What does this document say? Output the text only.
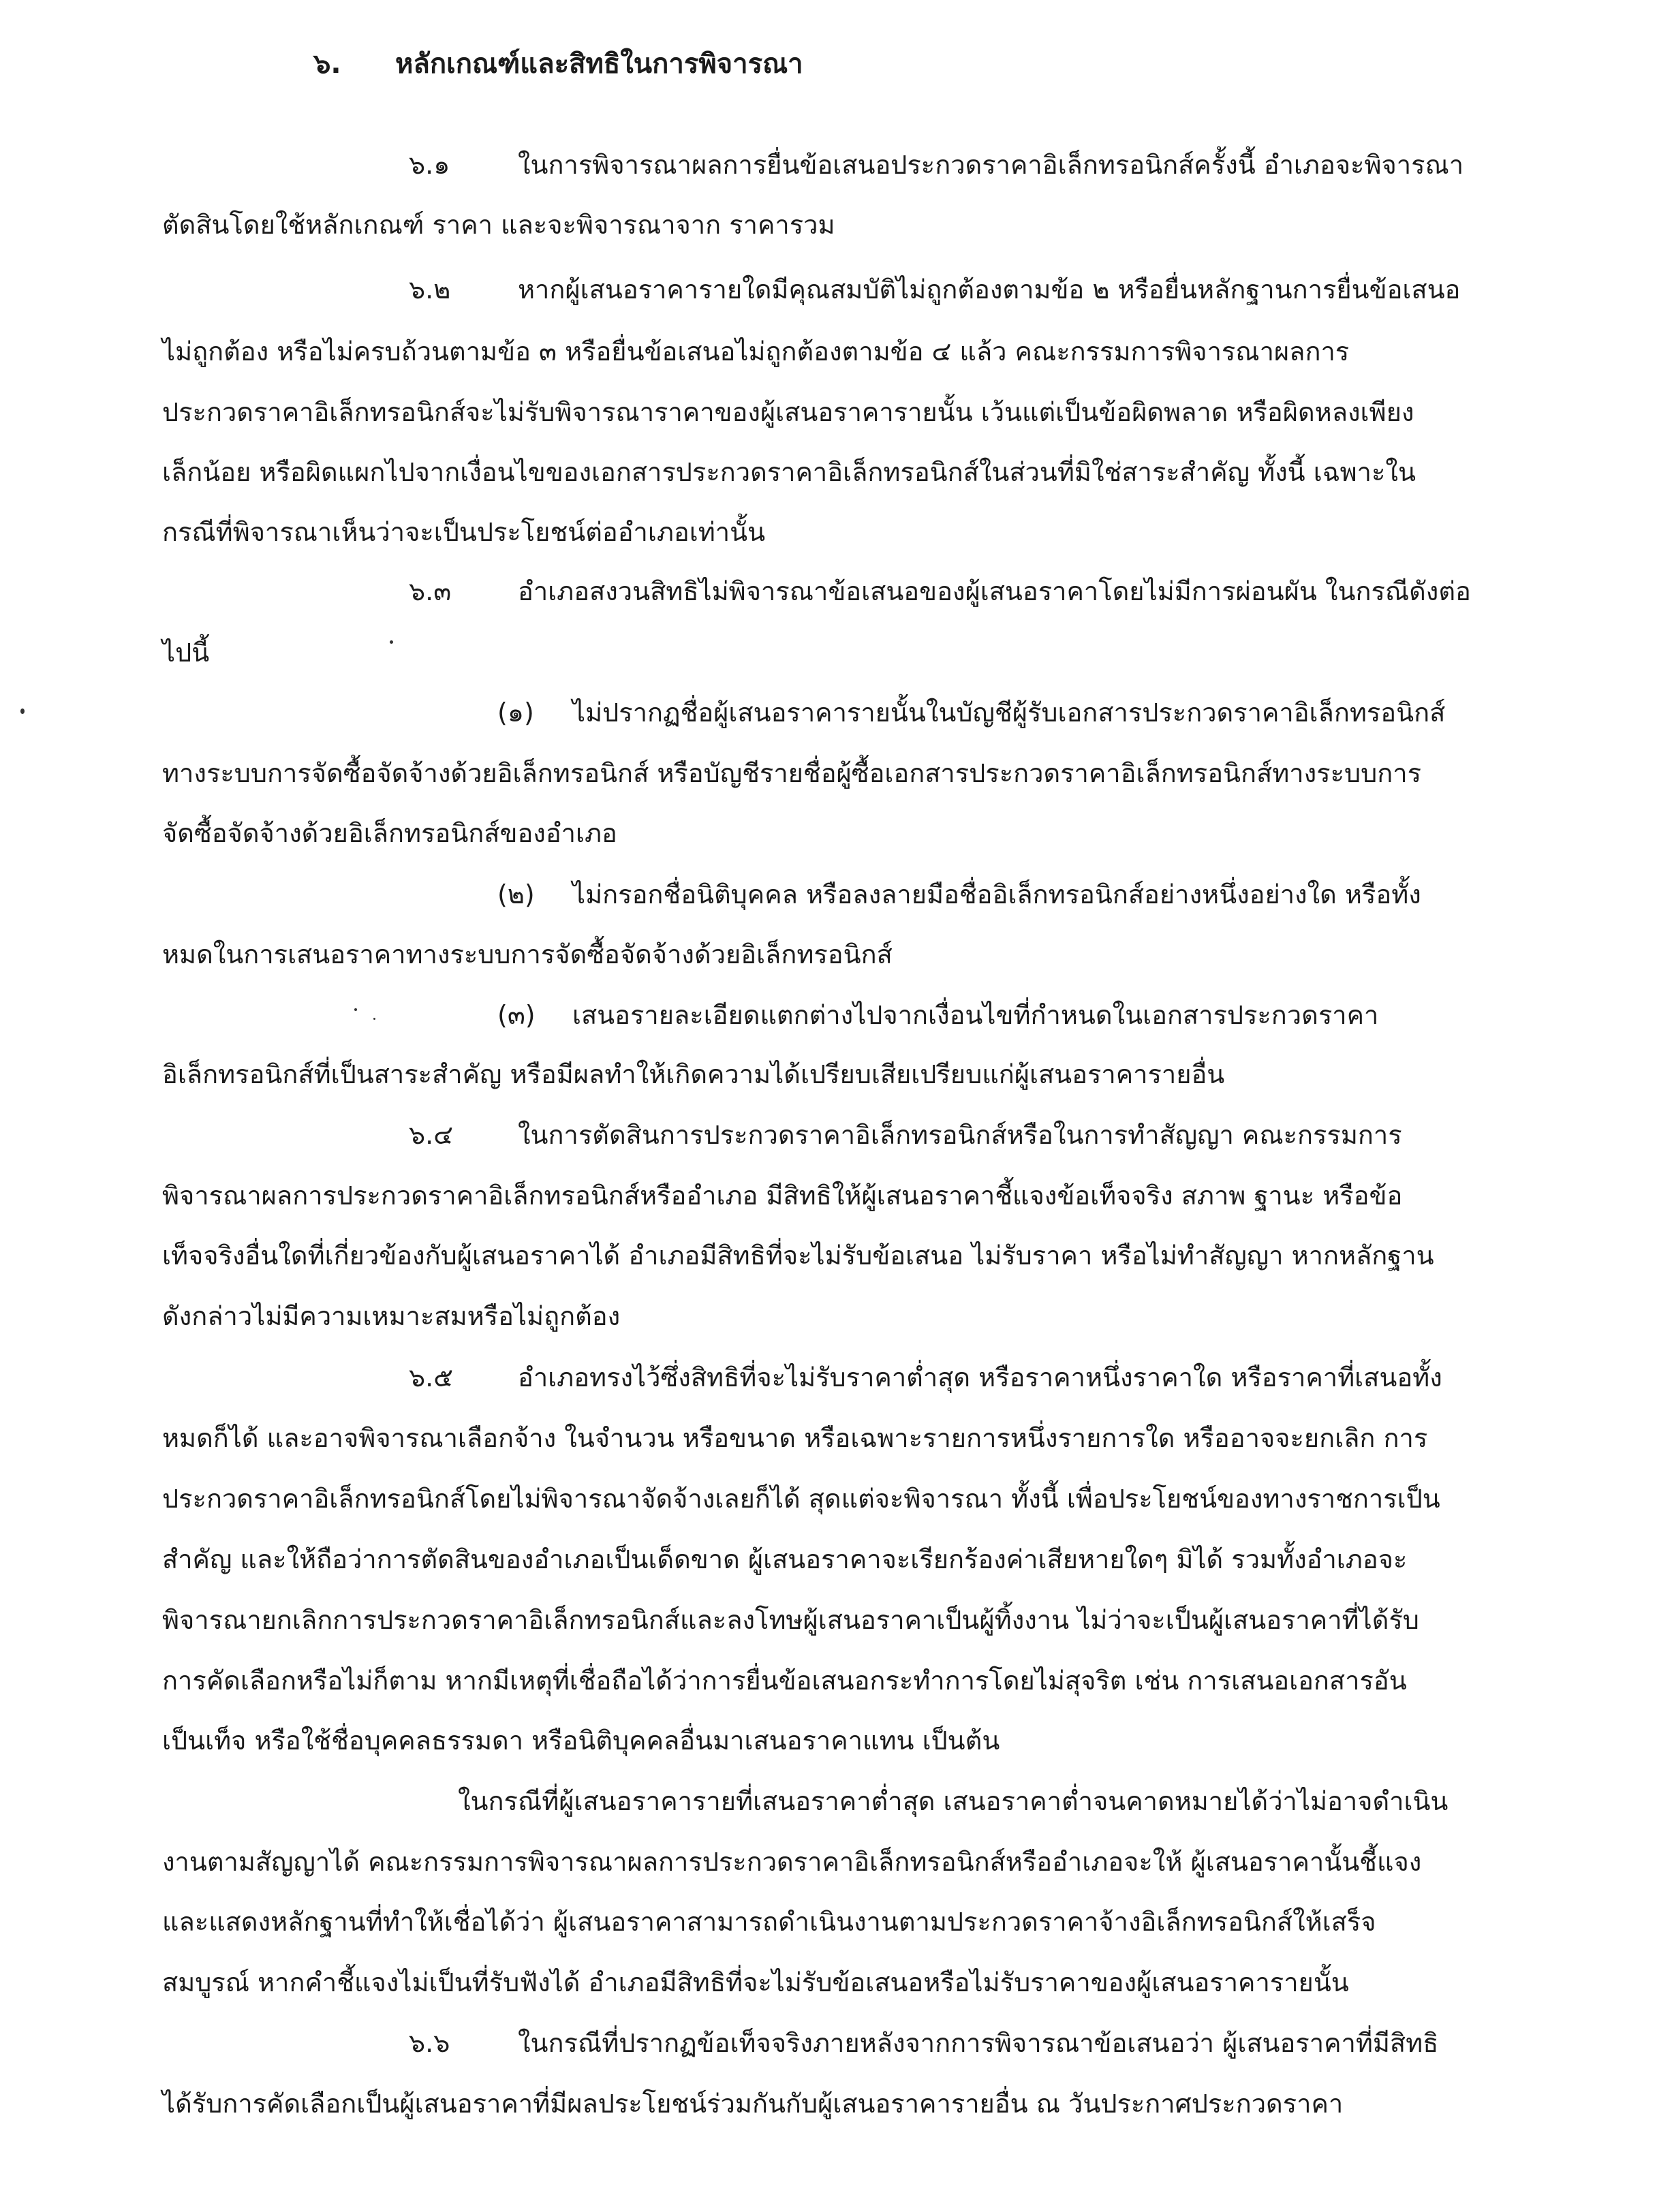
๖. หลักเกณฑ์และสิทธิในการพิจารณา
๖.๑	ในการพิจารณาผลการยื่นข้อเสนอประกวดราคาอิเล็กทรอนิกส์ครั้งนี้ อำเภอจะพิจารณา
ตัดสินโดยใช้หลักเกณฑ์ ราคา และจะพิจารณาจาก ราคารวม
๖.๒	หากผู้เสนอราคารายใดมีคุณสมบัติไม่ถูกต้องตามข้อ ๒ หรือยื่นหลักฐานการยื่นข้อเสนอ
ไม่ถูกต้อง หรือไม่ครบถ้วนตามข้อ ๓ หรือยื่นข้อเสนอไม่ถูกต้องตามข้อ ๔ แล้ว คณะกรรมการพิจารณาผลการ
ประกวดราคาอิเล็กทรอนิกส์จะไม่รับพิจารณาราคาของผู้เสนอราคารายนั้น เว้นแต่เป็นข้อผิดพลาด หรือผิดหลงเพียง
เล็กน้อย หรือผิดแผกไปจากเงื่อนไขของเอกสารประกวดราคาอิเล็กทรอนิกส์ในส่วนที่มิใช่สาระสำคัญ ทั้งนี้ เฉพาะใน
กรณีที่พิจารณาเห็นว่าจะเป็นประโยชน์ต่ออำเภอเท่านั้น
๖.๓	อำเภอสงวนสิทธิไม่พิจารณาข้อเสนอของผู้เสนอราคาโดยไม่มีการผ่อนผัน ในกรณีดังต่อ
ไปนี้
(๑) ไม่ปรากฏชื่อผู้เสนอราคารายนั้นในบัญชีผู้รับเอกสารประกวดราคาอิเล็กทรอนิกส์
ทางระบบการจัดซื้อจัดจ้างด้วยอิเล็กทรอนิกส์ หรือบัญชีรายชื่อผู้ซื้อเอกสารประกวดราคาอิเล็กทรอนิกส์ทางระบบการ
จัดซื้อจัดจ้างด้วยอิเล็กทรอนิกส์ของอำเภอ
(๒) ไม่กรอกชื่อนิติบุคคล หรือลงลายมือชื่ออิเล็กทรอนิกส์อย่างหนึ่งอย่างใด หรือทั้ง
หมดในการเสนอราคาทางระบบการจัดซื้อจัดจ้างด้วยอิเล็กทรอนิกส์
(๓) เสนอรายละเอียดแตกต่างไปจากเงื่อนไขที่กำหนดในเอกสารประกวดราคา
อิเล็กทรอนิกส์ที่เป็นสาระสำคัญ หรือมีผลทำให้เกิดความได้เปรียบเสียเปรียบแก่ผู้เสนอราคารายอื่น
๖.๔	ในการตัดสินการประกวดราคาอิเล็กทรอนิกส์หรือในการทำสัญญา คณะกรรมการ
พิจารณาผลการประกวดราคาอิเล็กทรอนิกส์หรืออำเภอ มีสิทธิให้ผู้เสนอราคาชี้แจงข้อเท็จจริง สภาพ ฐานะ หรือข้อ
เท็จจริงอื่นใดที่เกี่ยวข้องกับผู้เสนอราคาได้ อำเภอมีสิทธิที่จะไม่รับข้อเสนอ ไม่รับราคา หรือไม่ทำสัญญา หากหลักฐาน
ดังกล่าวไม่มีความเหมาะสมหรือไม่ถูกต้อง
๖.๕	อำเภอทรงไว้ซึ่งสิทธิที่จะไม่รับราคาต่ำสุด หรือราคาหนึ่งราคาใด หรือราคาที่เสนอทั้ง
หมดก็ได้ และอาจพิจารณาเลือกจ้าง ในจำนวน หรือขนาด หรือเฉพาะรายการหนึ่งรายการใด หรืออาจจะยกเลิก การ
ประกวดราคาอิเล็กทรอนิกส์โดยไม่พิจารณาจัดจ้างเลยก็ได้ สุดแต่จะพิจารณา ทั้งนี้ เพื่อประโยชน์ของทางราชการเป็น
สำคัญ และให้ถือว่าการตัดสินของอำเภอเป็นเด็ดขาด ผู้เสนอราคาจะเรียกร้องค่าเสียหายใดๆ มิได้ รวมทั้งอำเภอจะ
พิจารณายกเลิกการประกวดราคาอิเล็กทรอนิกส์และลงโทษผู้เสนอราคาเป็นผู้ทิ้งงาน ไม่ว่าจะเป็นผู้เสนอราคาที่ได้รับ
การคัดเลือกหรือไม่ก็ตาม หากมีเหตุที่เชื่อถือได้ว่าการยื่นข้อเสนอกระทำการโดยไม่สุจริต เช่น การเสนอเอกสารอัน
เป็นเท็จ หรือใช้ชื่อบุคคลธรรมดา หรือนิติบุคคลอื่นมาเสนอราคาแทน เป็นต้น
ในกรณีที่ผู้เสนอราคารายที่เสนอราคาต่ำสุด เสนอราคาต่ำจนคาดหมายได้ว่าไม่อาจดำเนิน
งานตามสัญญาได้ คณะกรรมการพิจารณาผลการประกวดราคาอิเล็กทรอนิกส์หรืออำเภอจะให้ ผู้เสนอราคานั้นชี้แจง
และแสดงหลักฐานที่ทำให้เชื่อได้ว่า ผู้เสนอราคาสามารถดำเนินงานตามประกวดราคาจ้างอิเล็กทรอนิกส์ให้เสร็จ
สมบูรณ์ หากคำชี้แจงไม่เป็นที่รับฟังได้ อำเภอมีสิทธิที่จะไม่รับข้อเสนอหรือไม่รับราคาของผู้เสนอราคารายนั้น
๖.๖	ในกรณีที่ปรากฏข้อเท็จจริงภายหลังจากการพิจารณาข้อเสนอว่า ผู้เสนอราคาที่มีสิทธิ
ได้รับการคัดเลือกเป็นผู้เสนอราคาที่มีผลประโยชน์ร่วมกันกับผู้เสนอราคารายอื่น ณ วันประกาศประกวดราคา
